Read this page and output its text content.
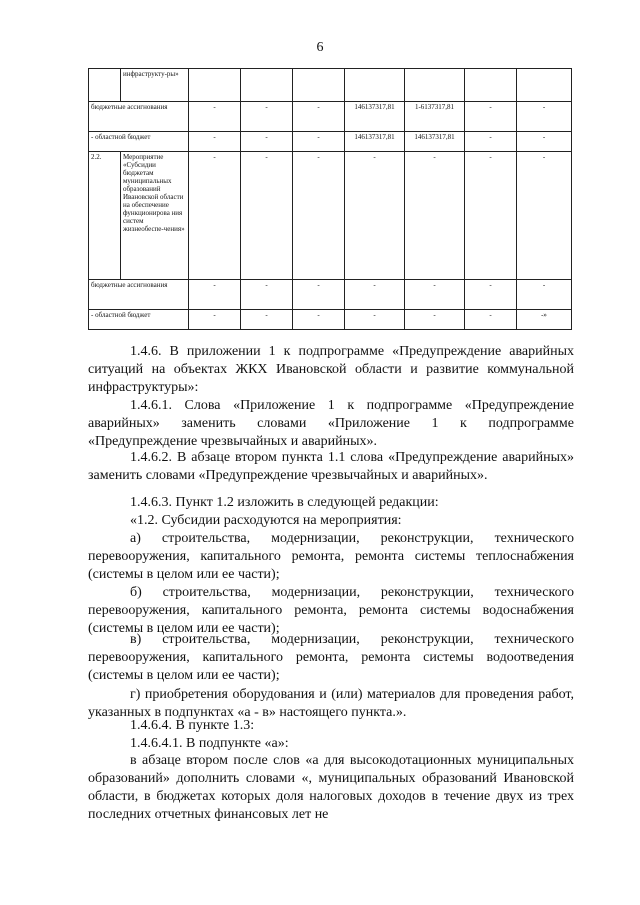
6
	инфраструкту-ры»							
бюджетные ассигнования		-	-	-	146137317,81	1-6137317,81	-	-
- областной бюджет		-	-	-	146137317,81	146137317,81	-	-
2.2.	Мероприятие «Субсидии бюджетам муниципальных образований Ивановской области на обеспечение функционирова ния систем жизнеобеспе-чения»	-	-	-	-	-	-	-
бюджетные ассигнования		-	-	-	-	-	-	-
- областной бюджет		-	-	-	-	-	-	-»
1.4.6. В приложении 1 к подпрограмме «Предупреждение аварийных ситуаций на объектах ЖКХ Ивановской области и развитие коммунальной инфраструктуры»:
1.4.6.1. Слова «Приложение 1 к подпрограмме «Предупреждение аварийных» заменить словами «Приложение 1 к подпрограмме «Предупреждение чрезвычайных и аварийных».
1.4.6.2. В абзаце втором пункта 1.1 слова «Предупреждение аварийных» заменить словами «Предупреждение чрезвычайных и аварийных».
1.4.6.3. Пункт 1.2 изложить в следующей редакции:
«1.2. Субсидии расходуются на мероприятия:
а) строительства, модернизации, реконструкции, технического перевооружения, капитального ремонта, ремонта системы теплоснабжения (системы в целом или ее части);
б) строительства, модернизации, реконструкции, технического перевооружения, капитального ремонта, ремонта системы водоснабжения (системы в целом или ее части);
в) строительства, модернизации, реконструкции, технического перевооружения, капитального ремонта, ремонта системы водоотведения (системы в целом или ее части);
г) приобретения оборудования и (или) материалов для проведения работ, указанных в подпунктах «а - в» настоящего пункта.».
1.4.6.4. В пункте 1.3:
1.4.6.4.1. В подпункте «а»:
в абзаце втором после слов «а для высокодотационных муниципальных образований» дополнить словами «, муниципальных образований Ивановской области, в бюджетах которых доля налоговых доходов в течение двух из трех последних отчетных финансовых лет не
